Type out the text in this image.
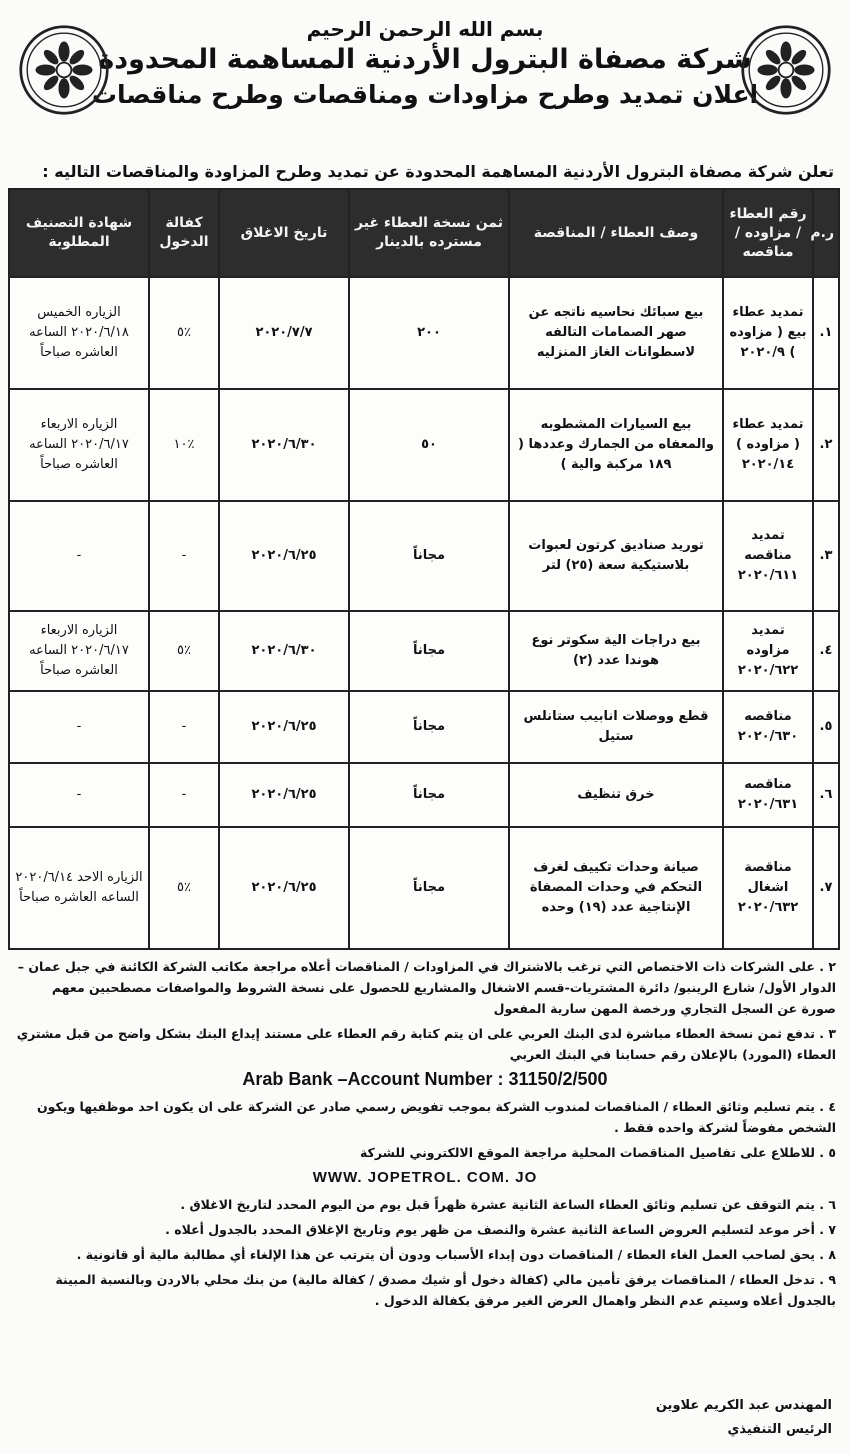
بسم الله الرحمن الرحيم
شركة مصفاة البترول الأردنية المساهمة المحدودة
اعلان تمديد وطرح مزاودات ومناقصات وطرح مناقصات
تعلن شركة مصفاة البترول الأردنية المساهمة المحدودة عن تمديد وطرح المزاودة والمناقصات التاليه :
ر.م	رقم العطاء / مزاوده / مناقصه	وصف العطاء / المناقصة	ثمن نسخة العطاء غير مسترده بالدينار	تاريخ الاغلاق	كفالة الدخول	شهادة التصنيف المطلوبة
١.	تمديد عطاء بيع ( مزاوده ) ٢٠٢٠/٩	بيع سبائك نحاسيه ناتجه عن صهر الصمامات التالفه لاسطوانات الغاز المنزليه	٢٠٠	٢٠٢٠/٧/٧	٪٥	الزياره الخميس ٢٠٢٠/٦/١٨ الساعه العاشره صباحاً
٢.	تمديد عطاء ( مزاوده ) ٢٠٢٠/١٤	بيع السيارات المشطوبه والمعفاه من الجمارك وعددها ( ١٨٩ مركبة والية )	٥٠	٢٠٢٠/٦/٣٠	٪١٠	الزياره الاربعاء ٢٠٢٠/٦/١٧ الساعه العاشره صباحاً
٣.	تمديد مناقصه ٢٠٢٠/٦١١	توريد صناديق كرتون لعبوات بلاستيكية سعة (٢٥) لتر	مجاناً	٢٠٢٠/٦/٢٥	-	-
٤.	تمديد مزاوده ٢٠٢٠/٦٢٢	بيع دراجات الية سكوتر نوع هوندا عدد (٢)	مجاناً	٢٠٢٠/٦/٣٠	٪٥	الزياره الاربعاء ٢٠٢٠/٦/١٧ الساعه العاشره صباحاً
٥.	مناقصه ٢٠٢٠/٦٣٠	قطع ووصلات انابيب ستانلس ستيل	مجاناً	٢٠٢٠/٦/٢٥	-	-
٦.	مناقصه ٢٠٢٠/٦٣١	خرق تنظيف	مجاناً	٢٠٢٠/٦/٢٥	-	-
٧.	مناقصة اشغال ٢٠٢٠/٦٣٢	صيانة وحدات تكييف لغرف التحكم في وحدات المصفاة الإنتاجية عدد (١٩) وحده	مجاناً	٢٠٢٠/٦/٢٥	٪٥	الزياره الاحد ٢٠٢٠/٦/١٤ الساعه العاشره صباحاً

٢ . على الشركات ذات الاختصاص التي ترغب بالاشتراك في المزاودات / المناقصات أعلاه مراجعة مكاتب الشركة الكائنة في جبل عمان –الدوار الأول/ شارع الرينبو/ دائرة المشتريات-قسم الاشغال والمشاريع للحصول على نسخة الشروط والمواصفات مصطحبين معهم صورة عن السجل التجاري ورخصة المهن سارية المفعول

٣ . تدفع ثمن نسخة العطاء مباشرة لدى البنك العربي على ان يتم كتابة رقم العطاء على مستند إيداع البنك بشكل واضح من قبل مشتري العطاء (المورد) بالإعلان رقم حسابنا في البنك العربي

Arab Bank –Account Number : 31150/2/500

٤ . يتم تسليم وثائق العطاء / المناقصات لمندوب الشركة بموجب تفويض رسمي صادر عن الشركة على ان يكون احد موظفيها ويكون الشخص مفوضاً لشركة واحده فقط .

٥ . للاطلاع على تفاصيل المناقصات المحلية مراجعة الموقع الالكتروني للشركة

WWW. JOPETROL. COM. JO

٦ . يتم التوقف عن تسليم وثائق العطاء الساعة الثانية عشرة ظهراً قبل يوم من اليوم المحدد لتاريخ الاغلاق .

٧ . أخر موعد لتسليم العروض الساعة الثانية عشرة والنصف من ظهر يوم وتاريخ الإغلاق المحدد بالجدول أعلاه .

٨ . يحق لصاحب العمل الغاء العطاء / المناقصات دون إبداء الأسباب ودون أن يترتب عن هذا الإلغاء أي مطالبة مالية أو قانونية .

٩ . تدخل العطاء / المناقصات يرفق تأمين مالي (كفالة دخول أو شيك مصدق / كفالة مالية) من بنك محلي بالاردن وبالنسبة المبينة بالجدول أعلاه وسيتم عدم النظر واهمال العرض الغير مرفق بكفالة الدخول .

المهندس عبد الكريم علاوين
الرئيس التنفيذي
